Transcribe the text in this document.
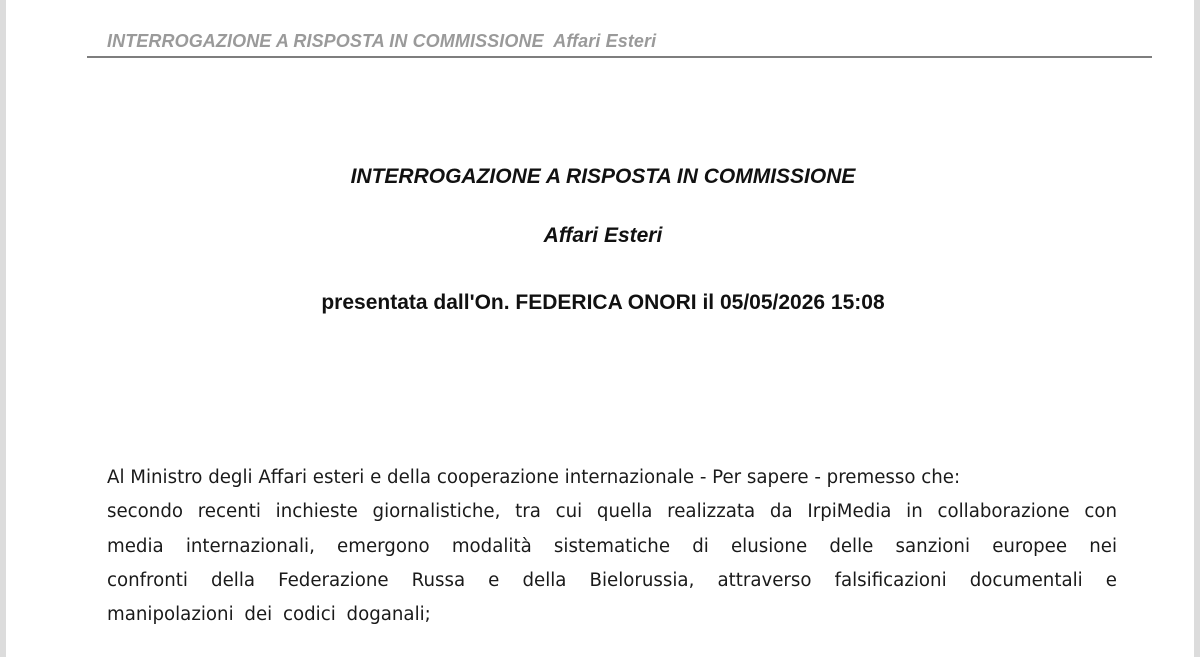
INTERROGAZIONE A RISPOSTA IN COMMISSIONE  Affari Esteri
INTERROGAZIONE A RISPOSTA IN COMMISSIONE
Affari Esteri
presentata dall'On. FEDERICA ONORI il 05/05/2026 15:08
Al Ministro degli Affari esteri e della cooperazione internazionale - Per sapere - premesso che:
secondo recenti inchieste giornalistiche, tra cui quella realizzata da IrpiMedia in collaborazione con
media internazionali, emergono modalità sistematiche di elusione delle sanzioni europee nei
confronti della Federazione Russa e della Bielorussia, attraverso falsificazioni documentali e
manipolazioni dei codici doganali;
